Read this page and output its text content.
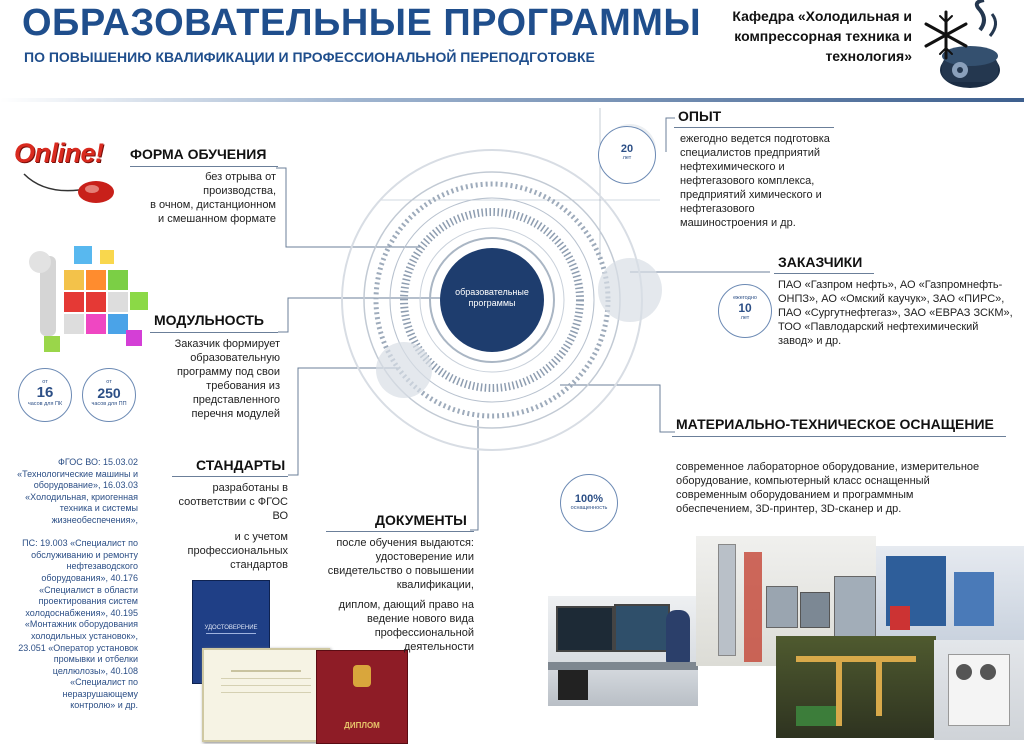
ОБРАЗОВАТЕЛЬНЫЕ ПРОГРАММЫ
ПО ПОВЫШЕНИЮ КВАЛИФИКАЦИИ И ПРОФЕССИОНАЛЬНОЙ ПЕРЕПОДГОТОВКЕ
Кафедра «Холодильная и компрессорная техника и технология»
образовательные программы
Online!	ФОРМА ОБУЧЕНИЯ
без отрыва от
производства,
в очном, дистанционном
и смешанном формате
МОДУЛЬНОСТЬ
Заказчик формирует
образовательную
программу под свои
требования из
представленного
перечня модулей
от
16
часов для ПК
от
250
часов для ПП
ФГОС ВО: 15.03.02
«Технологические машины и
оборудование», 16.03.03
«Холодильная, криогенная
техника и системы
жизнеобеспечения»,
ПС: 19.003 «Специалист по
обслуживанию и ремонту
нефтезаводского
оборудования», 40.176
«Специалист в области
проектирования систем
холодоснабжения», 40.195
«Монтажник оборудования
холодильных установок»,
23.051 «Оператор установок
промывки и отбелки
целлюлозы», 40.108
«Специалист по
неразрушающему
контролю» и др.
СТАНДАРТЫ
разработаны в
соответствии с ФГОС ВО
и с учетом
профессиональных
стандартов
УДОСТОВЕРЕНИЕ
ДИПЛОМ
ДОКУМЕНТЫ
после обучения выдаются:
удостоверение или
свидетельство о повышении
квалификации,
диплом, дающий право на
ведение нового вида
профессиональной
деятельности
ОПЫТ
20
лет
ежегодно ведется подготовка
специалистов предприятий
нефтехимического и
нефтегазового комплекса,
предприятий химического и
нефтегазового
машиностроения и др.
ЗАКАЗЧИКИ
ежегодно
10
лет
ПАО «Газпром нефть», АО «Газпромнефть-
ОНПЗ», АО «Омский каучук», ЗАО «ПИРС»,
ПАО «Сургутнефтегаз», ЗАО «ЕВРАЗ ЗСКМ»,
ТОО «Павлодарский нефтехимический
завод» и др.
МАТЕРИАЛЬНО-ТЕХНИЧЕСКОЕ ОСНАЩЕНИЕ
современное лабораторное оборудование, измерительное
оборудование, компьютерный класс оснащенный
современным оборудованием и программным
обеспечением, 3D-принтер, 3D-сканер и др.
100%
оснащенность
